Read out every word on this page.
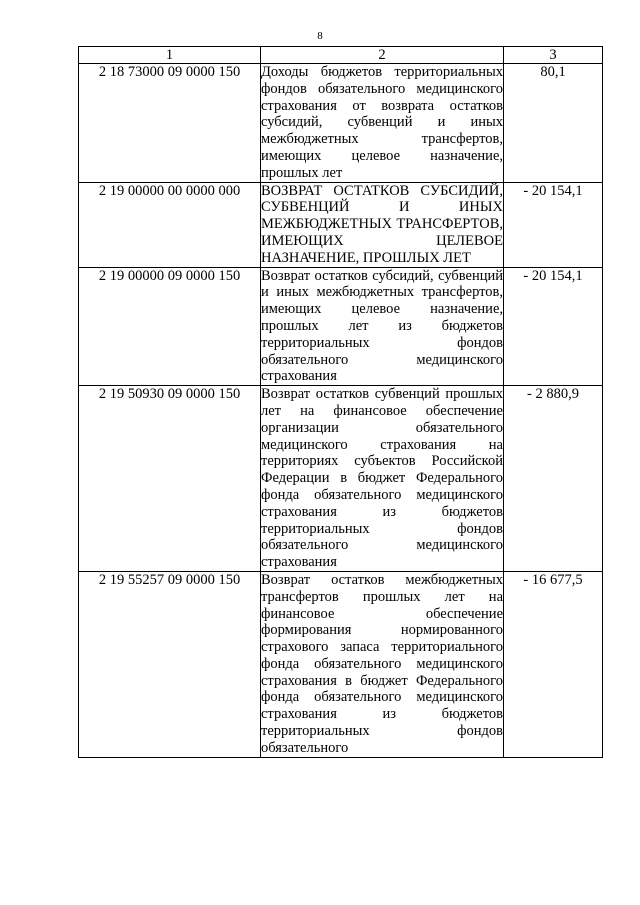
8
1	2	3
2 18 73000 09 0000 150	Доходы бюджетов территориальных фондов обязательного медицинского страхования от возврата остатков субсидий, субвенций и иных межбюджетных трансфертов, имеющих целевое назначение, прошлых лет	80,1
2 19 00000 00 0000 000	ВОЗВРАТ ОСТАТКОВ СУБСИДИЙ, СУБВЕНЦИЙ И ИНЫХ МЕЖБЮДЖЕТНЫХ ТРАНСФЕРТОВ, ИМЕЮЩИХ ЦЕЛЕВОЕ НАЗНАЧЕНИЕ, ПРОШЛЫХ ЛЕТ	- 20 154,1
2 19 00000 09 0000 150	Возврат остатков субсидий, субвенций и иных межбюджетных трансфертов, имеющих целевое назначение, прошлых лет из бюджетов территориальных фондов обязательного медицинского страхования	- 20 154,1
2 19 50930 09 0000 150	Возврат остатков субвенций прошлых лет на финансовое обеспечение организации обязательного медицинского страхования на территориях субъектов Российской Федерации в бюджет Федерального фонда обязательного медицинского страхования из бюджетов территориальных фондов обязательного медицинского страхования	- 2 880,9
2 19 55257 09 0000 150	Возврат остатков межбюджетных трансфертов прошлых лет на финансовое обеспечение формирования нормированного страхового запаса территориального фонда обязательного медицинского страхования в бюджет Федерального фонда обязательного медицинского страхования из бюджетов территориальных фондов обязательного	- 16 677,5
